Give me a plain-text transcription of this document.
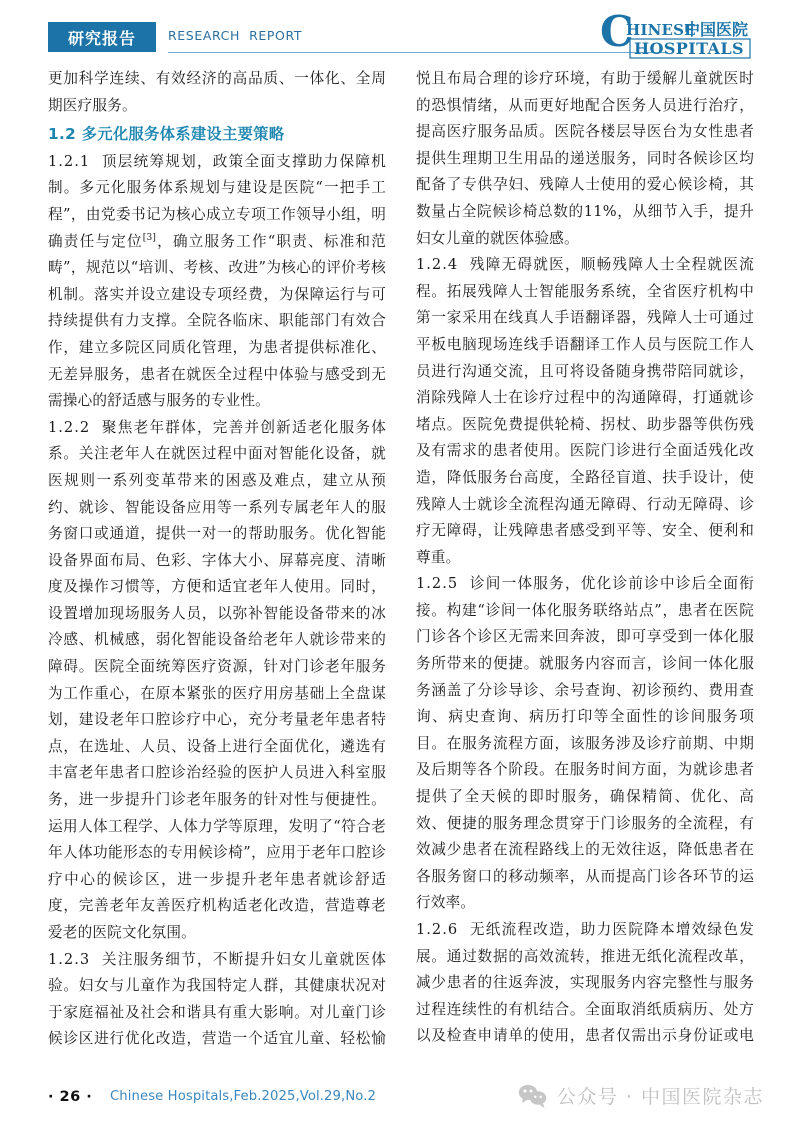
研究报告	RESEARCH  REPORT	C
HINESE
中国医院
HOSPITALS

更加科学连续、有效经济的高品质、一体化、全周期医疗服务。

1.2 多元化服务体系建设主要策略

1.2.1 顶层统筹规划，政策全面支撑助力保障机制。多元化服务体系规划与建设是医院“一把手工程”，由党委书记为核心成立专项工作领导小组，明确责任与定位[3]，确立服务工作“职责、标准和范畴”，规范以“培训、考核、改进”为核心的评价考核机制。落实并设立建设专项经费，为保障运行与可持续提供有力支撑。全院各临床、职能部门有效合作，建立多院区同质化管理，为患者提供标准化、无差异服务，患者在就医全过程中体验与感受到无需操心的舒适感与服务的专业性。

1.2.2 聚焦老年群体，完善并创新适老化服务体系。关注老年人在就医过程中面对智能化设备，就医规则一系列变革带来的困惑及难点，建立从预约、就诊、智能设备应用等一系列专属老年人的服务窗口或通道，提供一对一的帮助服务。优化智能设备界面布局、色彩、字体大小、屏幕亮度、清晰度及操作习惯等，方便和适宜老年人使用。同时，设置增加现场服务人员，以弥补智能设备带来的冰冷感、机械感，弱化智能设备给老年人就诊带来的障碍。医院全面统筹医疗资源，针对门诊老年服务为工作重心，在原本紧张的医疗用房基础上全盘谋划，建设老年口腔诊疗中心，充分考量老年患者特点，在选址、人员、设备上进行全面优化，遴选有丰富老年患者口腔诊治经验的医护人员进入科室服务，进一步提升门诊老年服务的针对性与便捷性。运用人体工程学、人体力学等原理，发明了“符合老年人体功能形态的专用候诊椅”，应用于老年口腔诊疗中心的候诊区，进一步提升老年患者就诊舒适度，完善老年友善医疗机构适老化改造，营造尊老爱老的医院文化氛围。

1.2.3 关注服务细节，不断提升妇女儿童就医体验。妇女与儿童作为我国特定人群，其健康状况对于家庭福祉及社会和谐具有重大影响。对儿童门诊候诊区进行优化改造，营造一个适宜儿童、轻松愉

悦且布局合理的诊疗环境，有助于缓解儿童就医时的恐惧情绪，从而更好地配合医务人员进行治疗，提高医疗服务品质。医院各楼层导医台为女性患者提供生理期卫生用品的递送服务，同时各候诊区均配备了专供孕妇、残障人士使用的爱心候诊椅，其数量占全院候诊椅总数的11%，从细节入手，提升妇女儿童的就医体验感。

1.2.4 残障无碍就医，顺畅残障人士全程就医流程。拓展残障人士智能服务系统，全省医疗机构中第一家采用在线真人手语翻译器，残障人士可通过平板电脑现场连线手语翻译工作人员与医院工作人员进行沟通交流，且可将设备随身携带陪同就诊，消除残障人士在诊疗过程中的沟通障碍，打通就诊堵点。医院免费提供轮椅、拐杖、助步器等供伤残及有需求的患者使用。医院门诊进行全面适残化改造，降低服务台高度，全路径盲道、扶手设计，使残障人士就诊全流程沟通无障碍、行动无障碍、诊疗无障碍，让残障患者感受到平等、安全、便利和尊重。

1.2.5 诊间一体服务，优化诊前诊中诊后全面衔接。构建“诊间一体化服务联络站点”，患者在医院门诊各个诊区无需来回奔波，即可享受到一体化服务所带来的便捷。就服务内容而言，诊间一体化服务涵盖了分诊导诊、余号查询、初诊预约、费用查询、病史查询、病历打印等全面性的诊间服务项目。在服务流程方面，该服务涉及诊疗前期、中期及后期等各个阶段。在服务时间方面，为就诊患者提供了全天候的即时服务，确保精简、优化、高效、便捷的服务理念贯穿于门诊服务的全流程，有效减少患者在流程路线上的无效往返，降低患者在各服务窗口的移动频率，从而提高门诊各环节的运行效率。

1.2.6 无纸流程改造，助力医院降本增效绿色发展。通过数据的高效流转，推进无纸化流程改革，减少患者的往返奔波，实现服务内容完整性与服务过程连续性的有机结合。全面取消纸质病历、处方以及检查申请单的使用，患者仅需出示身份证或电

· 26 · Chinese Hospitals,Feb.2025,Vol.29,No.2	公众号 · 中国医院杂志
